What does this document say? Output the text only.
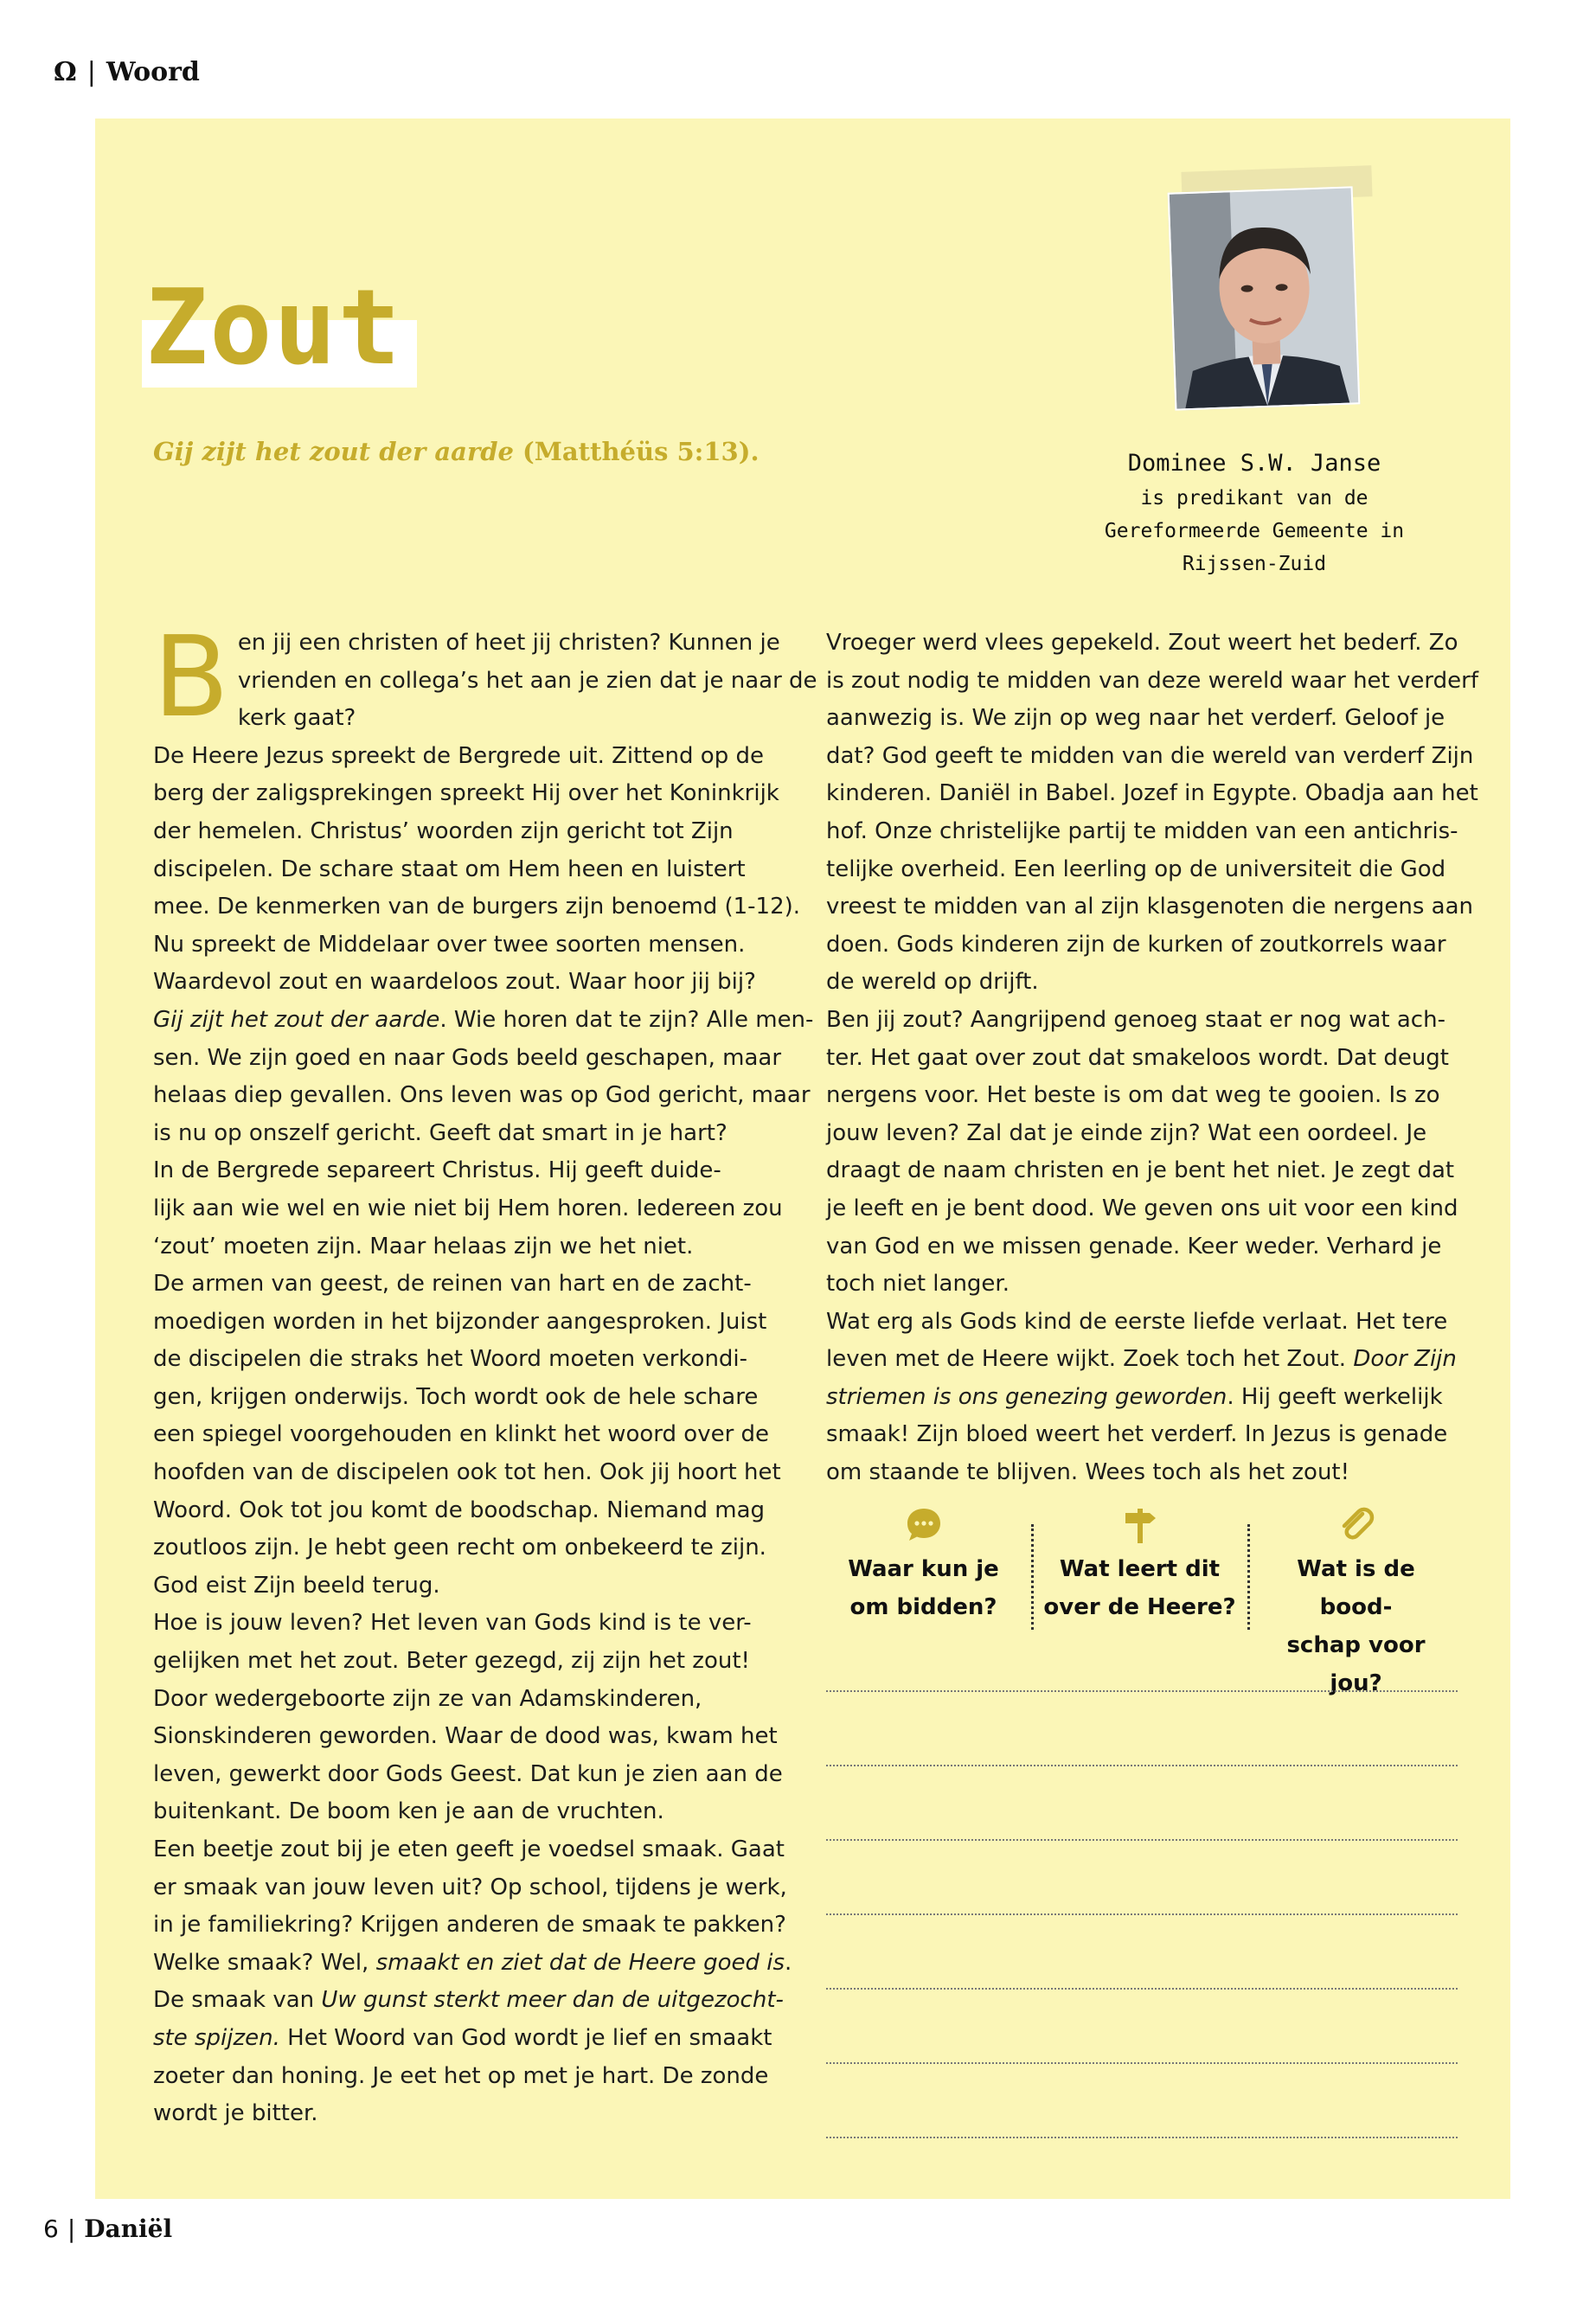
Ω | Woord
Zout
Gij zijt het zout der aarde (Matthéüs 5:13).	Dominee S.W. Janse
is predikant van de
Gereformeerde Gemeente in
Rijssen-Zuid
B en jij een christen of heet jij christen? Kunnen je

vrienden en collega’s het aan je zien dat je naar de

kerk gaat?

De Heere Jezus spreekt de Bergrede uit. Zittend op de

berg der zaligsprekingen spreekt Hij over het Koninkrijk

der hemelen. Christus’ woorden zijn gericht tot Zijn

discipelen. De schare staat om Hem heen en luistert

mee. De kenmerken van de burgers zijn benoemd (1-12).

Nu spreekt de Middelaar over twee soorten mensen.

Waardevol zout en waardeloos zout. Waar hoor jij bij?

Gij zijt het zout der aarde. Wie horen dat te zijn? Alle men-

sen. We zijn goed en naar Gods beeld geschapen, maar

helaas diep gevallen. Ons leven was op God gericht, maar

is nu op onszelf gericht. Geeft dat smart in je hart?

In de Bergrede separeert Christus. Hij geeft duide-

lijk aan wie wel en wie niet bij Hem horen. Iedereen zou

‘zout’ moeten zijn. Maar helaas zijn we het niet.

De armen van geest, de reinen van hart en de zacht-

moedigen worden in het bijzonder aangesproken. Juist

de discipelen die straks het Woord moeten verkondi-

gen, krijgen onderwijs. Toch wordt ook de hele schare

een spiegel voorgehouden en klinkt het woord over de

hoofden van de discipelen ook tot hen. Ook jij hoort het

Woord. Ook tot jou komt de boodschap. Niemand mag

zoutloos zijn. Je hebt geen recht om onbekeerd te zijn.

God eist Zijn beeld terug.

Hoe is jouw leven? Het leven van Gods kind is te ver-

gelijken met het zout. Beter gezegd, zij zijn het zout!

Door wedergeboorte zijn ze van Adamskinderen,

Sionskinderen geworden. Waar de dood was, kwam het

leven, gewerkt door Gods Geest. Dat kun je zien aan de

buitenkant. De boom ken je aan de vruchten.

Een beetje zout bij je eten geeft je voedsel smaak. Gaat

er smaak van jouw leven uit? Op school, tijdens je werk,

in je familiekring? Krijgen anderen de smaak te pakken?

Welke smaak? Wel, smaakt en ziet dat de Heere goed is.

De smaak van Uw gunst sterkt meer dan de uitgezocht-

ste spijzen. Het Woord van God wordt je lief en smaakt

zoeter dan honing. Je eet het op met je hart. De zonde

wordt je bitter.

Vroeger werd vlees gepekeld. Zout weert het bederf. Zo

is zout nodig te midden van deze wereld waar het verderf

aanwezig is. We zijn op weg naar het verderf. Geloof je

dat? God geeft te midden van die wereld van verderf Zijn

kinderen. Daniël in Babel. Jozef in Egypte. Obadja aan het

hof. Onze christelijke partij te midden van een antichris-

telijke overheid. Een leerling op de universiteit die God

vreest te midden van al zijn klasgenoten die nergens aan

doen. Gods kinderen zijn de kurken of zoutkorrels waar

de wereld op drijft.

Ben jij zout? Aangrijpend genoeg staat er nog wat ach-

ter. Het gaat over zout dat smakeloos wordt. Dat deugt

nergens voor. Het beste is om dat weg te gooien. Is zo

jouw leven? Zal dat je einde zijn? Wat een oordeel. Je

draagt de naam christen en je bent het niet. Je zegt dat

je leeft en je bent dood. We geven ons uit voor een kind

van God en we missen genade. Keer weder. Verhard je

toch niet langer.

Wat erg als Gods kind de eerste liefde verlaat. Het tere

leven met de Heere wijkt. Zoek toch het Zout. Door Zijn

striemen is ons genezing geworden. Hij geeft werkelijk

smaak! Zijn bloed weert het verderf. In Jezus is genade

om staande te blijven. Wees toch als het zout!

Waar kun je
om bidden?
Wat leert dit
over de Heere?
Wat is de bood-
schap voor jou?
6 | Daniël
